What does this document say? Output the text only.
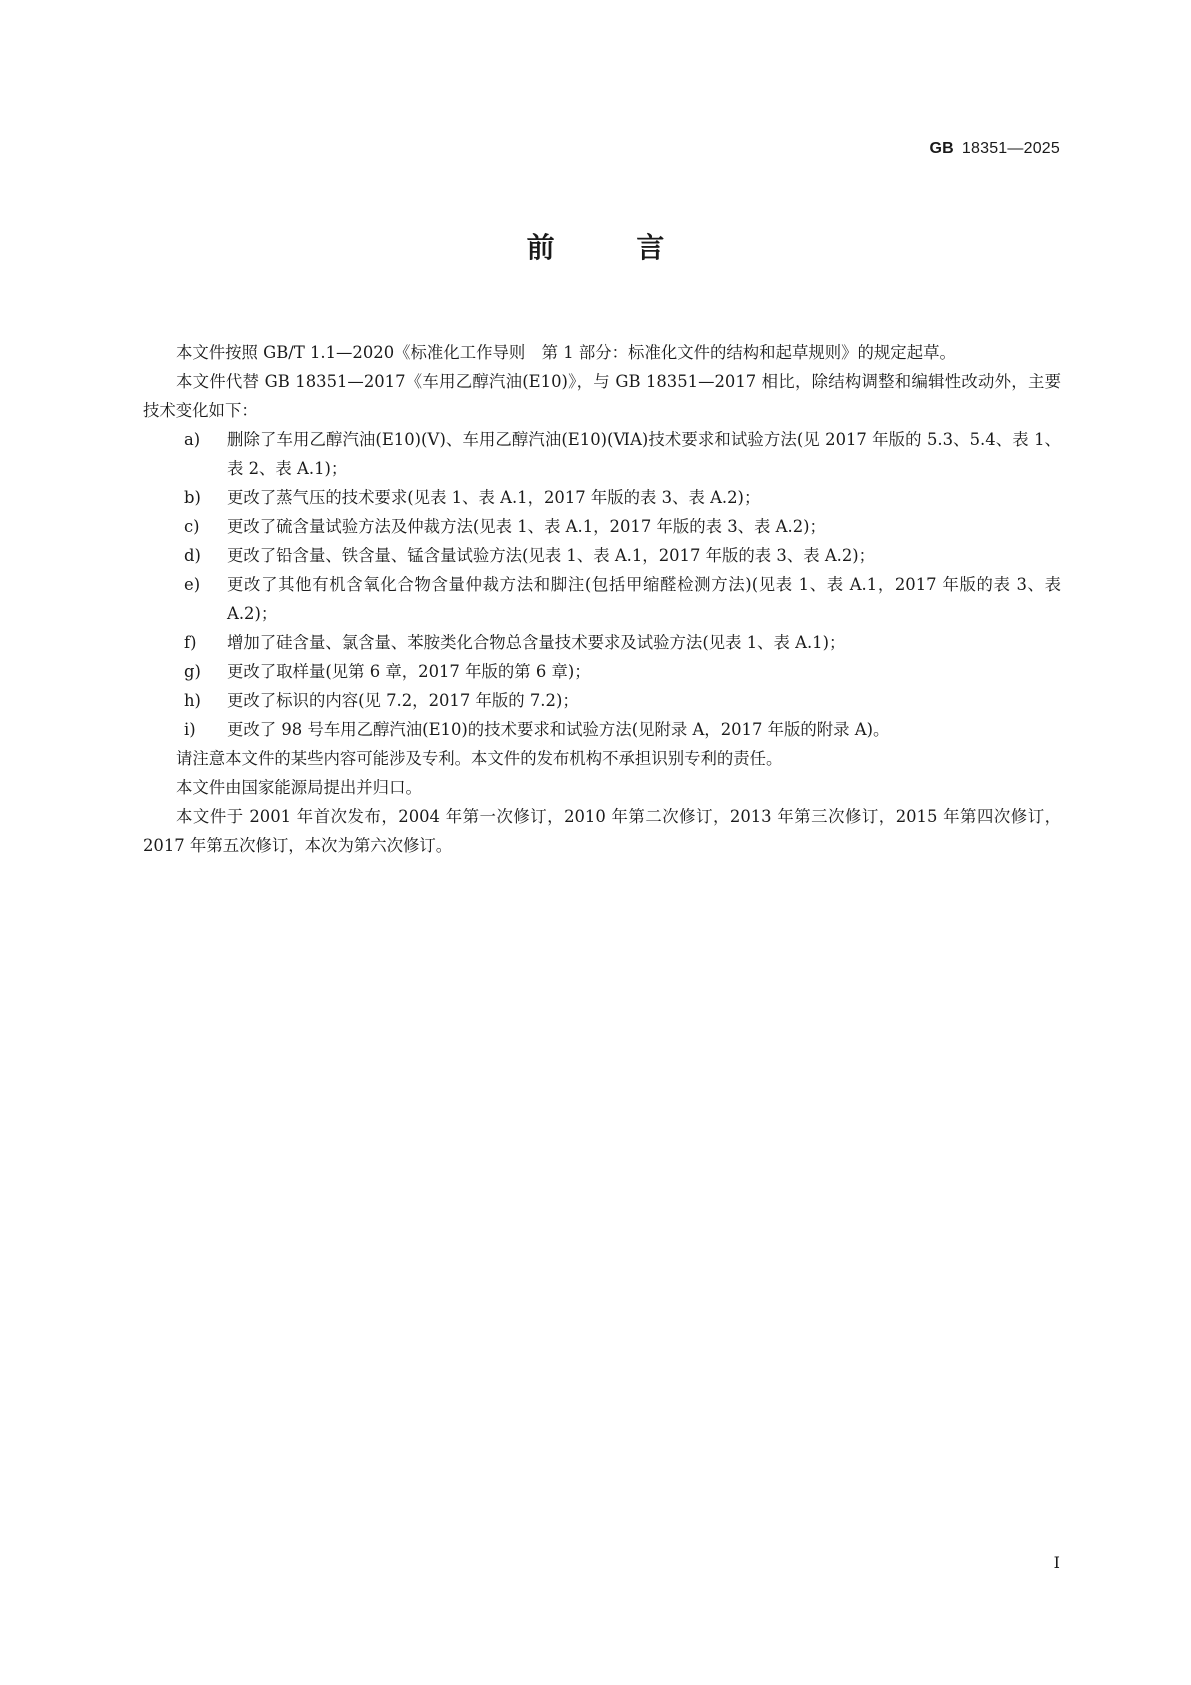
GB 18351—2025
前 言

本文件按照 GB/T 1.1—2020《标准化工作导则　第 1 部分：标准化文件的结构和起草规则》的规定起草。

本文件代替 GB 18351—2017《车用乙醇汽油(E10)》，与 GB 18351—2017 相比，除结构调整和编辑性改动外，主要技术变化如下：

a) 删除了车用乙醇汽油(E10)(Ⅴ)、车用乙醇汽油(E10)(ⅥA)技术要求和试验方法(见 2017 年版的 5.3、5.4、表 1、表 2、表 A.1)；
b) 更改了蒸气压的技术要求(见表 1、表 A.1，2017 年版的表 3、表 A.2)；
c) 更改了硫含量试验方法及仲裁方法(见表 1、表 A.1，2017 年版的表 3、表 A.2)；
d) 更改了铅含量、铁含量、锰含量试验方法(见表 1、表 A.1，2017 年版的表 3、表 A.2)；
e) 更改了其他有机含氧化合物含量仲裁方法和脚注(包括甲缩醛检测方法)(见表 1、表 A.1，2017 年版的表 3、表 A.2)；
f) 增加了硅含量、氯含量、苯胺类化合物总含量技术要求及试验方法(见表 1、表 A.1)；
g) 更改了取样量(见第 6 章，2017 年版的第 6 章)；
h) 更改了标识的内容(见 7.2，2017 年版的 7.2)；
i) 更改了 98 号车用乙醇汽油(E10)的技术要求和试验方法(见附录 A，2017 年版的附录 A)。

请注意本文件的某些内容可能涉及专利。本文件的发布机构不承担识别专利的责任。

本文件由国家能源局提出并归口。

本文件于 2001 年首次发布，2004 年第一次修订，2010 年第二次修订，2013 年第三次修订，2015 年第四次修订，2017 年第五次修订，本次为第六次修订。

Ⅰ
